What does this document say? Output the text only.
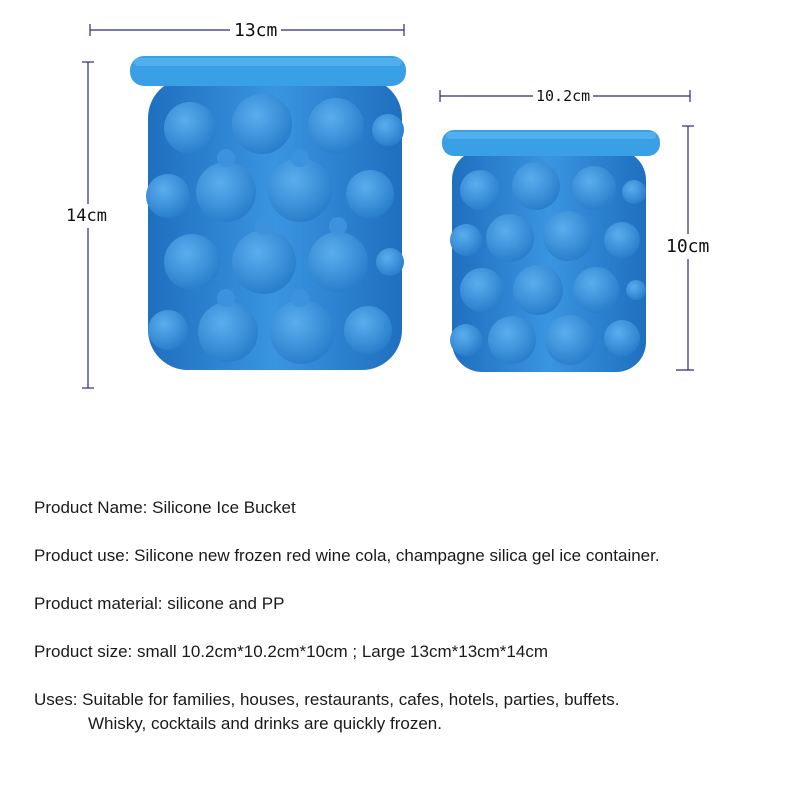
13cm
14cm
10.2cm
10cm

Product Name: Silicone Ice Bucket

Product use: Silicone new frozen red wine cola, champagne silica gel ice container.

Product material: silicone and PP

Product size: small 10.2cm*10.2cm*10cm ; Large 13cm*13cm*14cm

Uses: Suitable for families, houses, restaurants, cafes, hotels, parties, buffets.
Whisky, cocktails and drinks are quickly frozen.
